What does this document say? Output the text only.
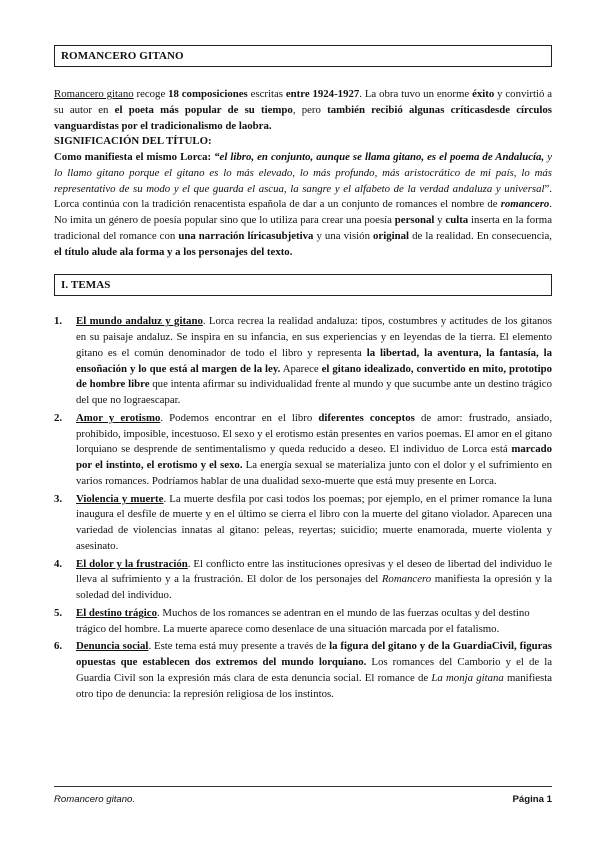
ROMANCERO GITANO

Romancero gitano recoge 18 composiciones escritas entre 1924-1927. La obra tuvo un enorme éxito y convirtió a su autor en el poeta más popular de su tiempo, pero también recibió algunas críticasdesde círculos vanguardistas por el tradicionalismo de laobra.

SIGNIFICACIÓN DEL TÍTULO:

Como manifiesta el mismo Lorca: “el libro, en conjunto, aunque se llama gitano, es el poema de Andalucía, y lo llamo gitano porque el gitano es lo más elevado, lo más profundo, más aristocrático de mi país, lo más representativo de su modo y el que guarda el ascua, la sangre y el alfabeto de la verdad andaluza y universal”. Lorca continúa con la tradición renacentista española de dar a un conjunto de romances el nombre de romancero. No imita un género de poesía popular sino que lo utiliza para crear una poesía personal y culta inserta en la forma tradicional del romance con una narración líricasubjetiva y una visión original de la realidad. En consecuencia, el título alude ala forma y a los personajes del texto.

I. TEMAS
1. El mundo andaluz y gitano. Lorca recrea la realidad andaluza: tipos, costumbres y actitudes de los gitanos en su paisaje andaluz. Se inspira en su infancia, en sus experiencias y en leyendas de la tierra. El elemento gitano es el común denominador de todo el libro y representa la libertad, la aventura, la fantasía, la ensoñación y lo que está al margen de la ley. Aparece el gitano idealizado, convertido en mito, prototipo de hombre libre que intenta afirmar su individualidad frente al mundo y que sucumbe ante un destino trágico del que no lograescapar.
2. Amor y erotismo. Podemos encontrar en el libro diferentes conceptos de amor: frustrado, ansiado, prohibido, imposible, incestuoso. El sexo y el erotismo están presentes en varios poemas. El amor en el gitano lorquiano se desprende de sentimentalismo y queda reducido a deseo. El individuo de Lorca está marcado por el instinto, el erotismo y el sexo. La energía sexual se materializa junto con el dolor y el sufrimiento en varios romances. Podríamos hablar de una dualidad sexo-muerte que está muy presente en Lorca.
3. Violencia y muerte. La muerte desfila por casi todos los poemas; por ejemplo, en el primer romance la luna inaugura el desfile de muerte y en el último se cierra el libro con la muerte del gitano violador. Aparecen una variedad de violencias innatas al gitano: peleas, reyertas; suicidio; muerte enamorada, muerte violenta y asesinato.
4. El dolor y la frustración. El conflicto entre las instituciones opresivas y el deseo de libertad del individuo le lleva al sufrimiento y a la frustración. El dolor de los personajes del Romancero manifiesta la opresión y la soledad del individuo.
5. El destino trágico. Muchos de los romances se adentran en el mundo de las fuerzas ocultas y del destino trágico del hombre. La muerte aparece como desenlace de una situación marcada por el fatalismo.
6. Denuncia social. Este tema está muy presente a través de la figura del gitano y de la GuardiaCivil, figuras opuestas que establecen dos extremos del mundo lorquiano. Los romances del Camborio y el de la Guardia Civil son la expresión más clara de esta denuncia social. El romance de La monja gitana manifiesta otro tipo de denuncia: la represión religiosa de los instintos.
Romancero gitano.	Página 1
